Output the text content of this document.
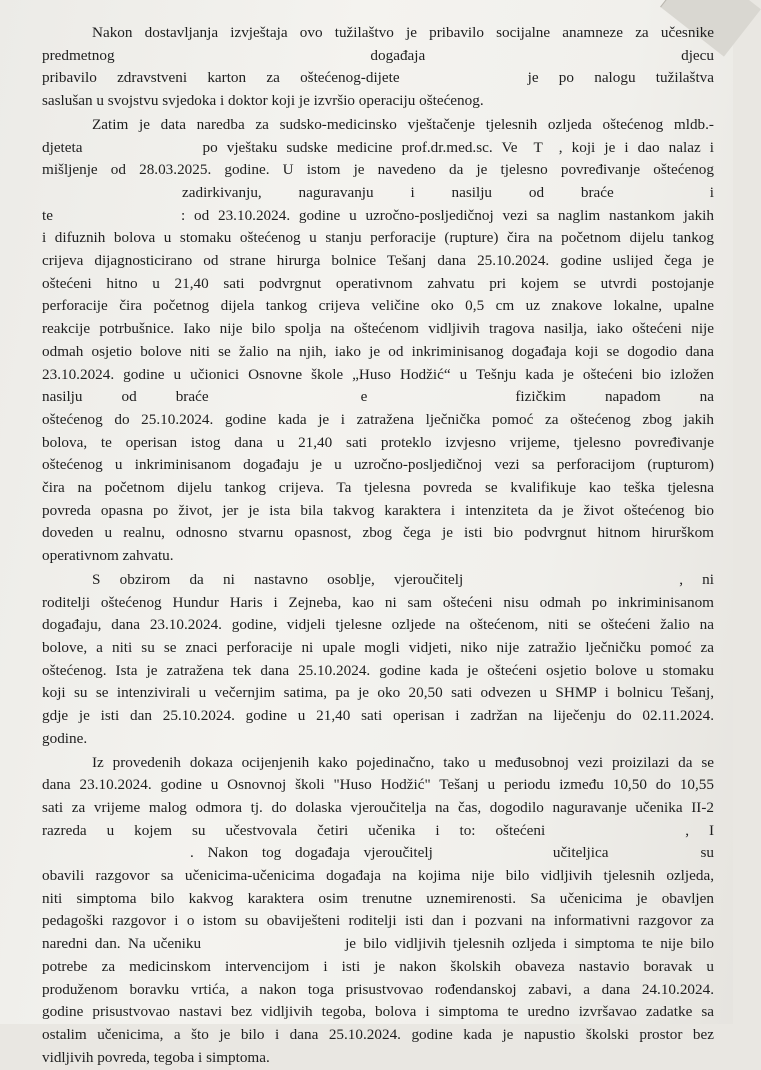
Nakon dostavljanja izvještaja ovo tužilaštvo je pribavilo socijalne anamneze za učesnike
predmetnog događaja djecu
pribavilo zdravstveni karton za oštećenog-dijete	je po nalogu tužilaštva
saslušan u svojstvu svjedoka i doktor koji je izvršio operaciju oštećenog.
Zatim je data naredba za sudsko-medicinsko vještačenje tjelesnih ozljeda oštećenog mldb.-
djeteta	po vještaku sudske medicine prof.dr.med.sc. Ve T , koji je i dao nalaz i
mišljenje od 28.03.2025. godine. U istom je navedeno da je tjelesno povređivanje oštećenog
zadirkivanju, naguravanju i nasilju od braće	i
te	: od 23.10.2024. godine u uzročno-posljedičnoj vezi sa naglim nastankom jakih
i difuznih bolova u stomaku oštećenog u stanju perforacije (rupture) čira na početnom dijelu tankog
crijeva dijagnosticirano od strane hirurga bolnice Tešanj dana 25.10.2024. godine uslijed čega je
oštećeni hitno u 21,40 sati podvrgnut operativnom zahvatu pri kojem se utvrdi postojanje
perforacije čira početnog dijela tankog crijeva veličine oko 0,5 cm uz znakove lokalne, upalne
reakcije potrbušnice. Iako nije bilo spolja na oštećenom vidljivih tragova nasilja, iako oštećeni nije
odmah osjetio bolove niti se žalio na njih, iako je od inkriminisanog događaja koji se dogodio dana
23.10.2024. godine u učionici Osnovne škole „Huso Hodžić“ u Tešnju kada je oštećeni bio izložen
nasilju od braće	e	fizičkim napadom na
oštećenog do 25.10.2024. godine kada je i zatražena lječnička pomoć za oštećenog zbog jakih
bolova, te operisan istog dana u 21,40 sati proteklo izvjesno vrijeme, tjelesno povređivanje
oštećenog u inkriminisanom događaju je u uzročno-posljedičnoj vezi sa perforacijom (rupturom)
čira na početnom dijelu tankog crijeva. Ta tjelesna povreda se kvalifikuje kao teška tjelesna
povreda opasna po život, jer je ista bila takvog karaktera i intenziteta da je život oštećenog bio
doveden u realnu, odnosno stvarnu opasnost, zbog čega je isti bio podvrgnut hitnom hirurškom
operativnom zahvatu.
S obzirom da ni nastavno osoblje, vjeroučitelj	, ni
roditelji oštećenog Hundur Haris i Zejneba, kao ni sam oštećeni nisu odmah po inkriminisanom
događaju, dana 23.10.2024. godine, vidjeli tjelesne ozljede na oštećenom, niti se oštećeni žalio na
bolove, a niti su se znaci perforacije ni upale mogli vidjeti, niko nije zatražio lječničku pomoć za
oštećenog. Ista je zatražena tek dana 25.10.2024. godine kada je oštećeni osjetio bolove u stomaku
koji su se intenzivirali u večernjim satima, pa je oko 20,50 sati odvezen u SHMP i bolnicu Tešanj,
gdje je isti dan 25.10.2024. godine u 21,40 sati operisan i zadržan na liječenju do 02.11.2024.
godine.
Iz provedenih dokaza ocijenjenih kako pojedinačno, tako u međusobnoj vezi proizilazi da se
dana 23.10.2024. godine u Osnovnoj školi "Huso Hodžić" Tešanj u periodu između 10,50 do 10,55
sati za vrijeme malog odmora tj. do dolaska vjeroučitelja na čas, dogodilo naguravanje učenika II-2
razreda u kojem su učestvovala četiri učenika i to: oštećeni	, I
. Nakon tog događaja vjeroučitelj	učiteljica	su
obavili razgovor sa učenicima-učenicima događaja na kojima nije bilo vidljivih tjelesnih ozljeda,
niti simptoma bilo kakvog karaktera osim trenutne uznemirenosti. Sa učenicima je obavljen
pedagoški razgovor i o istom su obaviješteni roditelji isti dan i pozvani na informativni razgovor za
naredni dan. Na učeniku	je bilo vidljivih tjelesnih ozljeda i simptoma te nije bilo
potrebe za medicinskom intervencijom i isti je nakon školskih obaveza nastavio boravak u
produženom boravku vrtića, a nakon toga prisustvovao rođendanskoj zabavi, a dana 24.10.2024.
godine prisustvovao nastavi bez vidljivih tegoba, bolova i simptoma te uredno izvršavao zadatke sa
ostalim učenicima, a što je bilo i dana 25.10.2024. godine kada je napustio školski prostor bez
vidljivih povreda, tegoba i simptoma.
